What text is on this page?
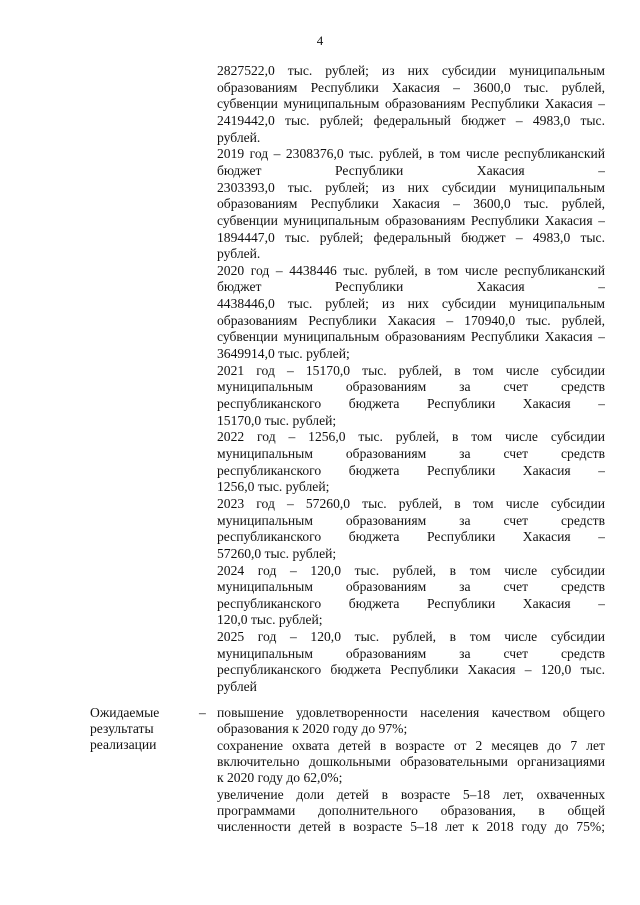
4
2827522,0 тыс. рублей; из них субсидии муниципальным
образованиям Республики Хакасия – 3600,0 тыс. рублей,
субвенции муниципальным образованиям Республики Хакасия –
2419442,0 тыс. рублей; федеральный бюджет – 4983,0 тыс.
рублей.
2019 год – 2308376,0 тыс. рублей, в том числе республиканский
бюджет Республики Хакасия –
2303393,0 тыс. рублей; из них субсидии муниципальным
образованиям Республики Хакасия – 3600,0 тыс. рублей,
субвенции муниципальным образованиям Республики Хакасия –
1894447,0 тыс. рублей; федеральный бюджет – 4983,0 тыс.
рублей.
2020 год – 4438446 тыс. рублей, в том числе республиканский
бюджет Республики Хакасия –
4438446,0 тыс. рублей; из них субсидии муниципальным
образованиям Республики Хакасия – 170940,0 тыс. рублей,
субвенции муниципальным образованиям Республики Хакасия –
3649914,0 тыс. рублей;
2021 год – 15170,0 тыс. рублей, в том числе субсидии
муниципальным образованиям за счет средств
республиканского бюджета Республики Хакасия –
15170,0 тыс. рублей;
2022 год – 1256,0 тыс. рублей, в том числе субсидии
муниципальным образованиям за счет средств
республиканского бюджета Республики Хакасия –
1256,0 тыс. рублей;
2023 год – 57260,0 тыс. рублей, в том числе субсидии
муниципальным образованиям за счет средств
республиканского бюджета Республики Хакасия –
57260,0 тыс. рублей;
2024 год – 120,0 тыс. рублей, в том числе субсидии
муниципальным образованиям за счет средств
республиканского бюджета Республики Хакасия –
120,0 тыс. рублей;
2025 год – 120,0 тыс. рублей, в том числе субсидии
муниципальным образованиям за счет средств
республиканского бюджета Республики Хакасия – 120,0 тыс.
рублей
Ожидаемые
результаты
реализации
– повышение удовлетворенности населения качеством общего
образования к 2020 году до 97%;
сохранение охвата детей в возрасте от 2 месяцев до 7 лет
включительно дошкольными образовательными организациями
к 2020 году до 62,0%;
увеличение доли детей в возрасте 5–18 лет, охваченных
программами дополнительного образования, в общей
численности детей в возрасте 5–18 лет к 2018 году до 75%;
